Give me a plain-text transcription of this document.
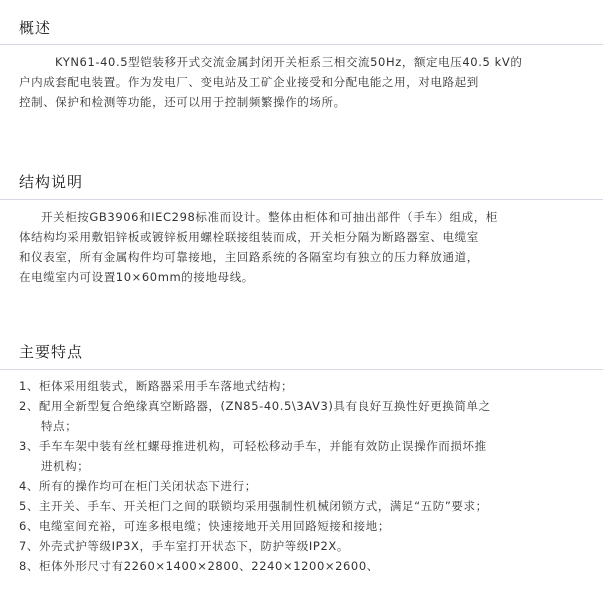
概述

KYN61-40.5型铠装移开式交流金属封闭开关柜系三相交流50Hz，额定电压40.5 kV的
户内成套配电装置。作为发电厂、变电站及工矿企业接受和分配电能之用，对电路起到
控制、保护和检测等功能，还可以用于控制频繁操作的场所。

结构说明

开关柜按GB3906和IEC298标准而设计。整体由柜体和可抽出部件（手车）组成，柜
体结构均采用敷铝锌板或镀锌板用螺栓联接组装而成，开关柜分隔为断路器室、电缆室
和仪表室，所有金属构件均可靠接地，主回路系统的各隔室均有独立的压力释放通道，
在电缆室内可设置10×60mm的接地母线。

主要特点
1、柜体采用组装式，断路器采用手车落地式结构；
2、配用全新型复合绝缘真空断路器，(ZN85-40.5\3AV3)具有良好互换性好更换简单之
特点；
3、手车车架中装有丝杠螺母推进机构，可轻松移动手车，并能有效防止误操作而损坏推
进机构；
4、所有的操作均可在柜门关闭状态下进行；
5、主开关、手车、开关柜门之间的联锁均采用强制性机械闭锁方式，满足“五防”要求；
6、电缆室间充裕，可连多根电缆；快速接地开关用回路短接和接地；
7、外壳式护等级IP3X，手车室打开状态下，防护等级IP2X。
8、柜体外形尺寸有2260×1400×2800、2240×1200×2600、
